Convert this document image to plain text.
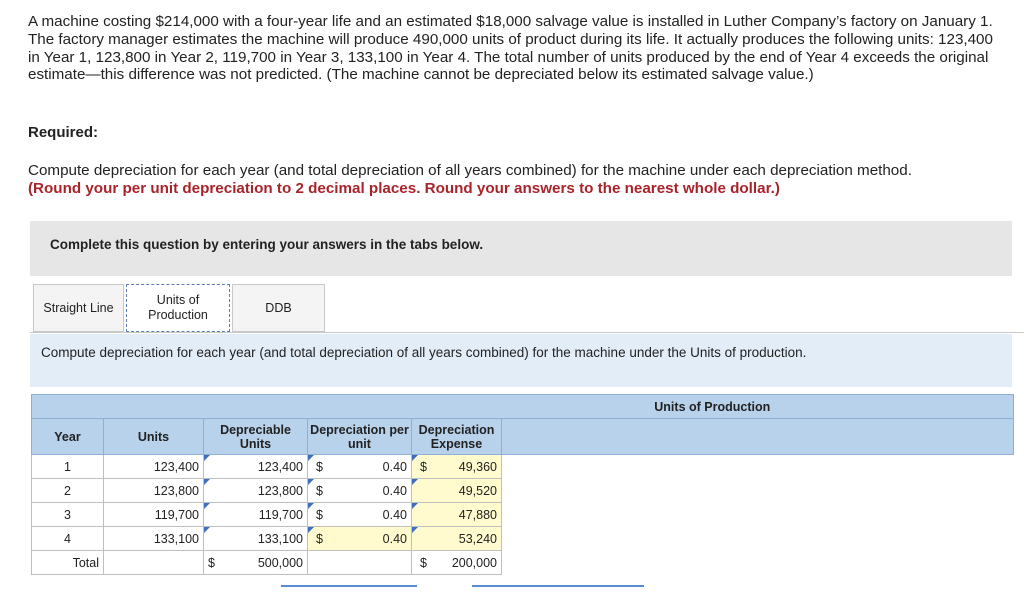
A machine costing $214,000 with a four-year life and an estimated $18,000 salvage value is installed in Luther Company’s factory on January 1. The factory manager estimates the machine will produce 490,000 units of product during its life. It actually produces the following units: 123,400 in Year 1, 123,800 in Year 2, 119,700 in Year 3, 133,100 in Year 4. The total number of units produced by the end of Year 4 exceeds the original estimate—this difference was not predicted. (The machine cannot be depreciated below its estimated salvage value.)
Required:
Compute depreciation for each year (and total depreciation of all years combined) for the machine under each depreciation method.
(Round your per unit depreciation to 2 decimal places. Round your answers to the nearest whole dollar.)
Complete this question by entering your answers in the tabs below.
Straight Line
Units of Production	DDB
Compute depreciation for each year (and total depreciation of all years combined) for the machine under the Units of production.
				Units of Production	
Year	Units	Depreciable Units	Depreciation per unit	Depreciation Expense	
1	123,400	123,400	$ 0.40	$ 49,360	

2	123,800	123,800	$ 0.40	49,520	

3	119,700	119,700	$ 0.40	47,880	

4	133,100	133,100	$ 0.40	53,240	

Total		$ 500,000		$ 200,000	
